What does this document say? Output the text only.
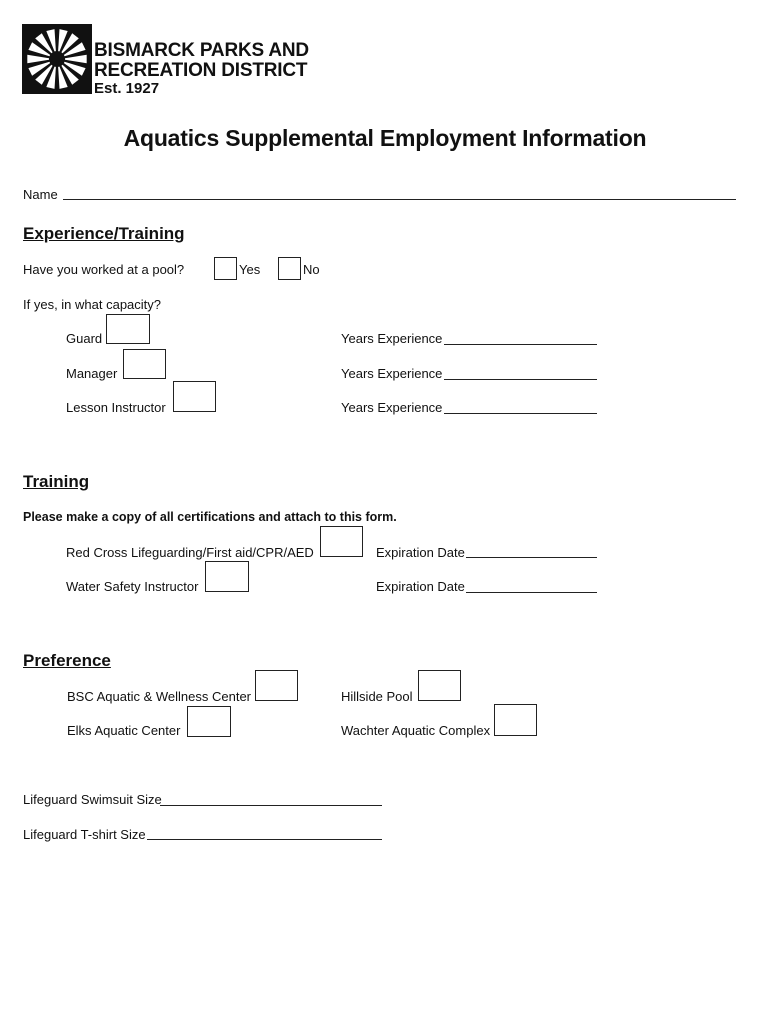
BISMARCK PARKS AND
RECREATION DISTRICT
Est. 1927
Aquatics Supplemental Employment Information
Name
Experience/Training
Have you worked at a pool?	Yes	No
If yes, in what capacity?
Guard	Years Experience
Manager	Years Experience
Lesson Instructor	Years Experience
Training
Please make a copy of all certifications and attach to this form.
Red Cross Lifeguarding/First aid/CPR/AED	Expiration Date
Water Safety Instructor	Expiration Date
Preference
BSC Aquatic & Wellness Center	Hillside Pool
Elks Aquatic Center	Wachter Aquatic Complex
Lifeguard Swimsuit Size
Lifeguard T-shirt Size
